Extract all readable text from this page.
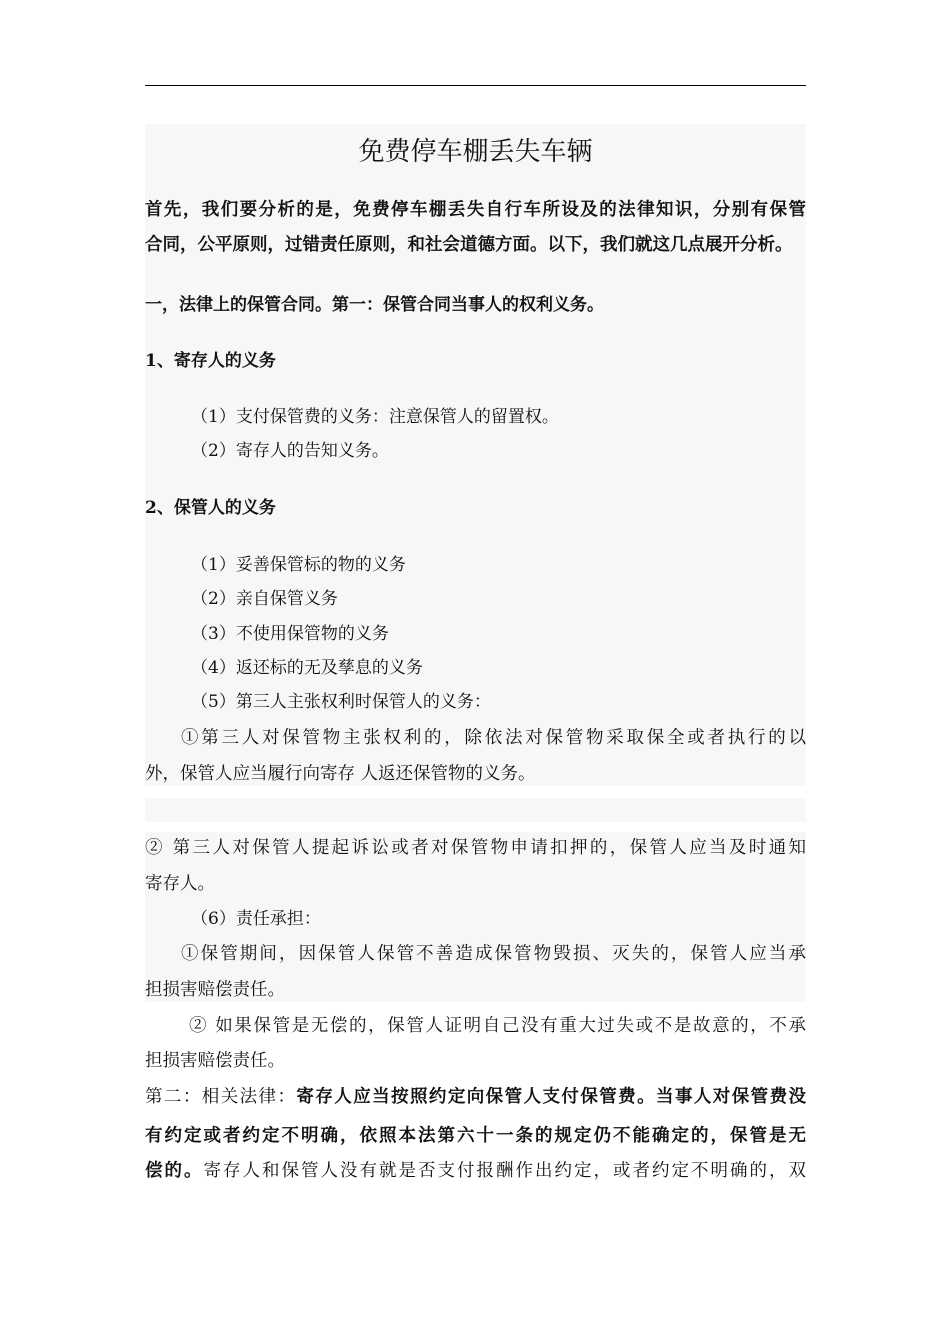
免费停车棚丢失车辆
首先，我们要分析的是，免费停车棚丢失自行车所设及的法律知识，分别有保管
合同，公平原则，过错责任原则，和社会道德方面。以下，我们就这几点展开分析。
一，法律上的保管合同。第一：保管合同当事人的权利义务。
1、寄存人的义务
（1）支付保管费的义务：注意保管人的留置权。
（2）寄存人的告知义务。
2、保管人的义务
（1）妥善保管标的物的义务
（2）亲自保管义务
（3）不使用保管物的义务
（4）返还标的无及孳息的义务
（5）第三人主张权利时保管人的义务：
①第三人对保管物主张权利的，除依法对保管物采取保全或者执行的以
外，保管人应当履行向寄存 人返还保管物的义务。
② 第三人对保管人提起诉讼或者对保管物申请扣押的，保管人应当及时通知
寄存人。
（6）责任承担：
①保管期间，因保管人保管不善造成保管物毁损、灭失的，保管人应当承
担损害赔偿责任。
② 如果保管是无偿的，保管人证明自己没有重大过失或不是故意的，不承
担损害赔偿责任。
第二：相关法律：寄存人应当按照约定向保管人支付保管费。当事人对保管费没
有约定或者约定不明确，依照本法第六十一条的规定仍不能确定的，保管是无
偿的。寄存人和保管人没有就是否支付报酬作出约定，或者约定不明确的，双
